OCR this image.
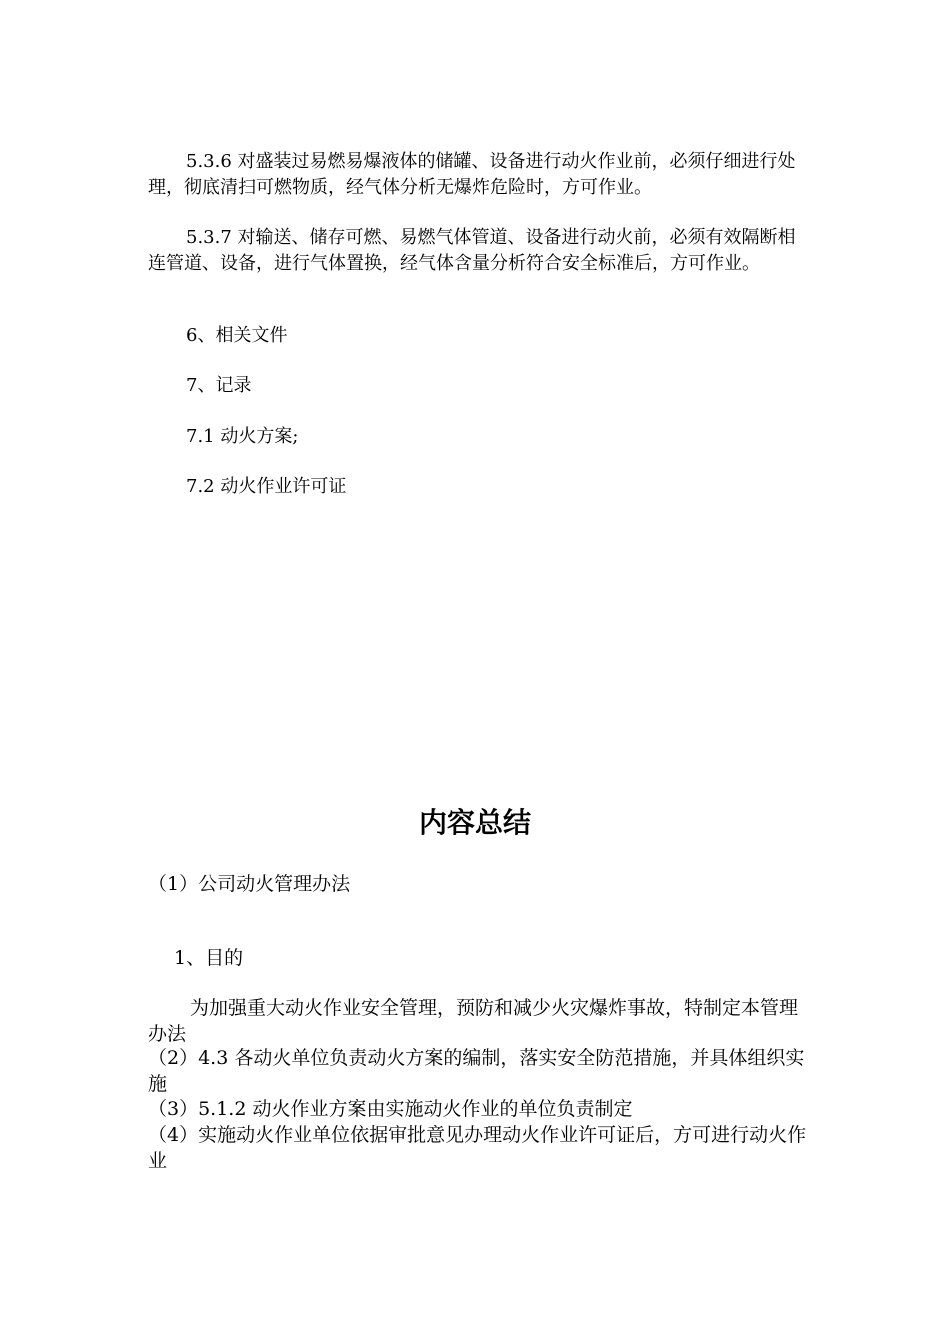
5.3.6 对盛装过易燃易爆液体的储罐、设备进行动火作业前，必须仔细进行处理，彻底清扫可燃物质，经气体分析无爆炸危险时，方可作业。

5.3.7 对输送、储存可燃、易燃气体管道、设备进行动火前，必须有效隔断相连管道、设备，进行气体置换，经气体含量分析符合安全标准后，方可作业。

6、相关文件

7、记录

7.1 动火方案;

7.2 动火作业许可证

内容总结

（1）公司动火管理办法

1、目的

为加强重大动火作业安全管理，预防和减少火灾爆炸事故，特制定本管理办法

（2）4.3 各动火单位负责动火方案的编制，落实安全防范措施，并具体组织实施

（3）5.1.2 动火作业方案由实施动火作业的单位负责制定

（4）实施动火作业单位依据审批意见办理动火作业许可证后，方可进行动火作业
